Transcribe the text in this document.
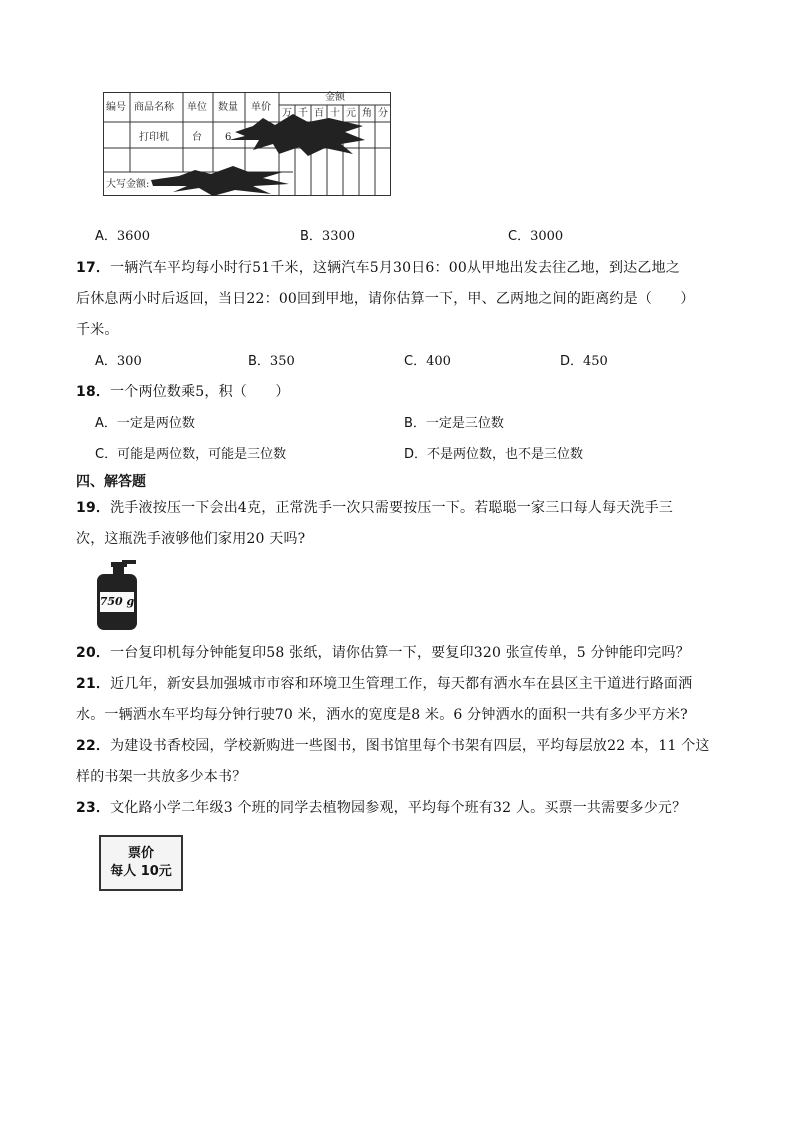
编号 商品名称 单位 数量 单价
金额
万 千 百 十 元 角 分
打印机 台 6
大写金额:
A．3600	B．3300	C．3000
17．一辆汽车平均每小时行51千米，这辆汽车5月30日6：00从甲地出发去往乙地，到达乙地之
后休息两小时后返回，当日22：00回到甲地，请你估算一下，甲、乙两地之间的距离约是（　　）
千米。
A．300	B．350	C．400	D．450
18．一个两位数乘5，积（　　）
A．一定是两位数	B．一定是三位数
C．可能是两位数，可能是三位数	D．不是两位数，也不是三位数
四、解答题
19．洗手液按压一下会出4克，正常洗手一次只需要按压一下。若聪聪一家三口每人每天洗手三
次，这瓶洗手液够他们家用20 天吗?
750 g
20．一台复印机每分钟能复印58 张纸，请你估算一下，要复印320 张宣传单，5 分钟能印完吗？
21．近几年，新安县加强城市市容和环境卫生管理工作，每天都有洒水车在县区主干道进行路面洒
水。一辆洒水车平均每分钟行驶70 米，洒水的宽度是8 米。6 分钟洒水的面积一共有多少平方米?
22．为建设书香校园，学校新购进一些图书，图书馆里每个书架有四层，平均每层放22 本，11 个这
样的书架一共放多少本书？
23．文化路小学二年级3 个班的同学去植物园参观，平均每个班有32 人。买票一共需要多少元？
票价
每人 10元
